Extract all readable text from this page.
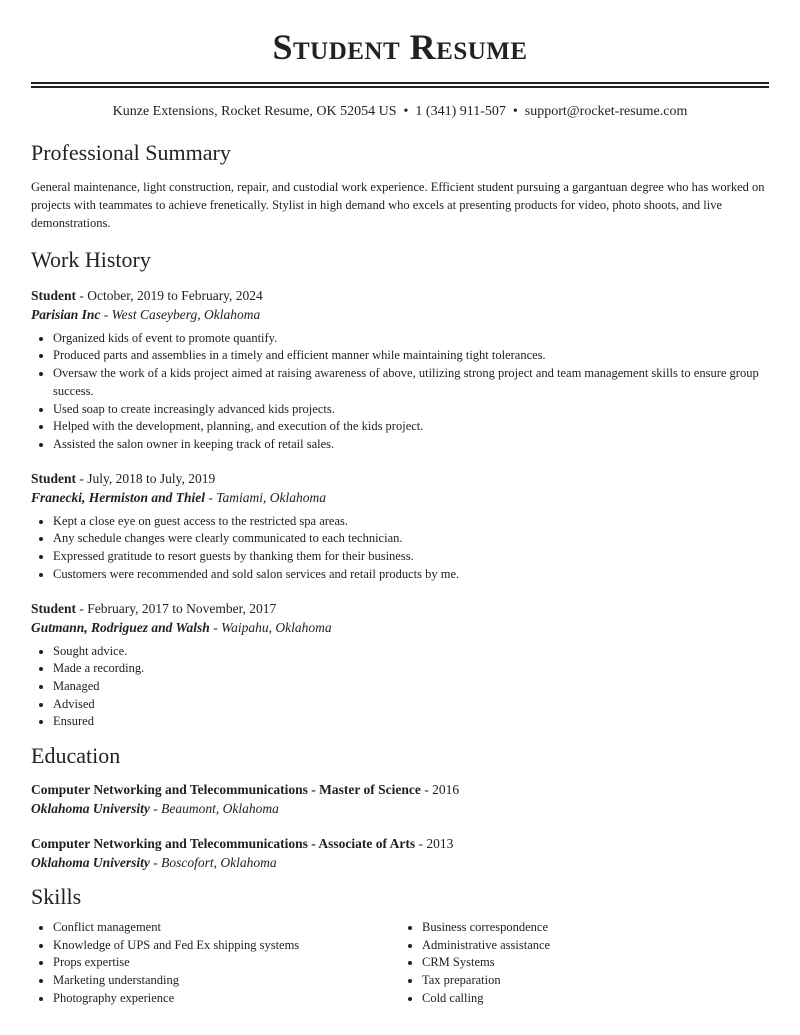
Student Resume
Kunze Extensions, Rocket Resume, OK 52054 US • 1 (341) 911-507 • support@rocket-resume.com
Professional Summary

General maintenance, light construction, repair, and custodial work experience. Efficient student pursuing a gargantuan degree who has worked on projects with teammates to achieve frenetically. Stylist in high demand who excels at presenting products for video, photo shoots, and live demonstrations.

Work History
Student - October, 2019 to February, 2024
Parisian Inc - West Caseyberg, Oklahoma
• Organized kids of event to promote quantify.
• Produced parts and assemblies in a timely and efficient manner while maintaining tight tolerances.
• Oversaw the work of a kids project aimed at raising awareness of above, utilizing strong project and team management skills to ensure group success.
• Used soap to create increasingly advanced kids projects.
• Helped with the development, planning, and execution of the kids project.
• Assisted the salon owner in keeping track of retail sales.
Student - July, 2018 to July, 2019
Franecki, Hermiston and Thiel - Tamiami, Oklahoma
• Kept a close eye on guest access to the restricted spa areas.
• Any schedule changes were clearly communicated to each technician.
• Expressed gratitude to resort guests by thanking them for their business.
• Customers were recommended and sold salon services and retail products by me.
Student - February, 2017 to November, 2017
Gutmann, Rodriguez and Walsh - Waipahu, Oklahoma
• Sought advice.
• Made a recording.
• Managed
• Advised
• Ensured
Education
Computer Networking and Telecommunications - Master of Science - 2016
Oklahoma University - Beaumont, Oklahoma
Computer Networking and Telecommunications - Associate of Arts - 2013
Oklahoma University - Boscofort, Oklahoma
Skills
• Conflict management
• Knowledge of UPS and Fed Ex shipping systems
• Props expertise
• Marketing understanding
• Photography experience
• Business correspondence
• Administrative assistance
• CRM Systems
• Tax preparation
• Cold calling
